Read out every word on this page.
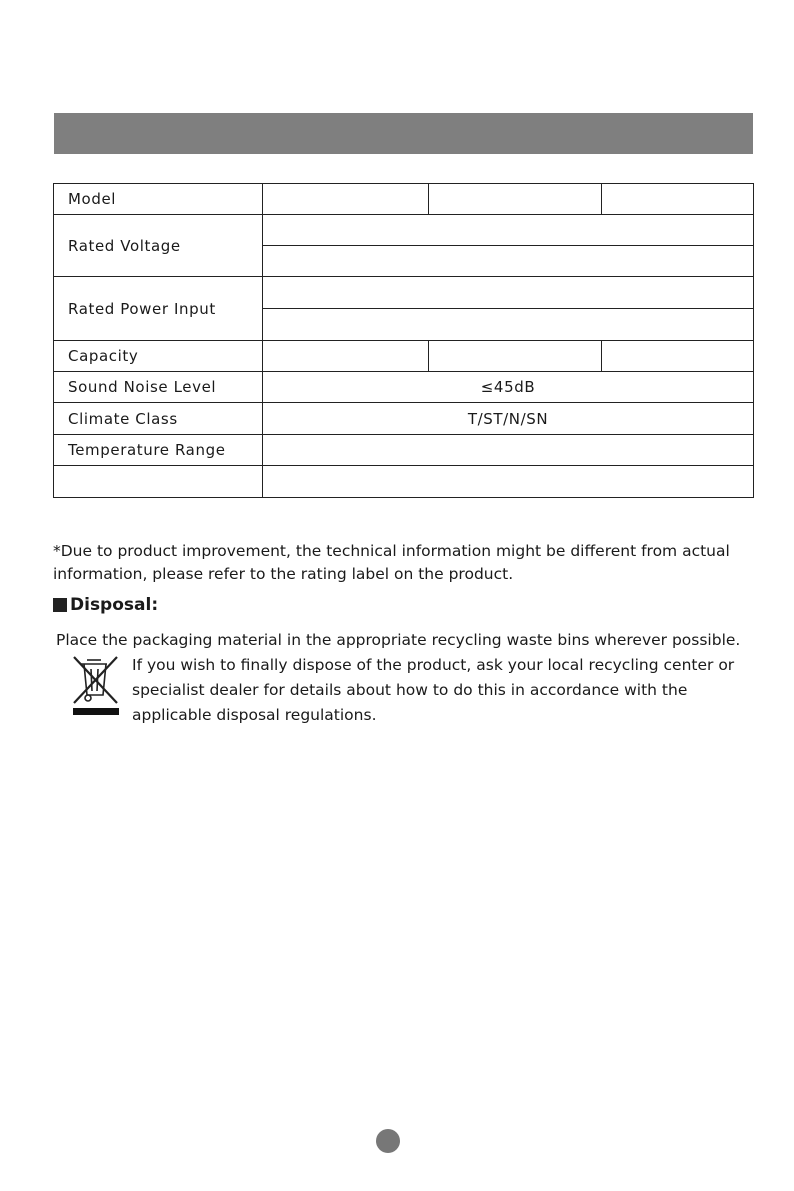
Model			
Rated Voltage			

Rated Power Input			

Capacity			
Sound Noise Level	≤45dB		
Climate Class	T/ST/N/SN		
Temperature Range			

*Due to product improvement, the technical information might be different from actual information, please refer to the rating label on the product.
Disposal:
Place the packaging material in the appropriate recycling waste bins wherever possible.
If you wish to finally dispose of the product, ask your local recycling center or specialist dealer for details about how to do this in accordance with the applicable disposal regulations.
